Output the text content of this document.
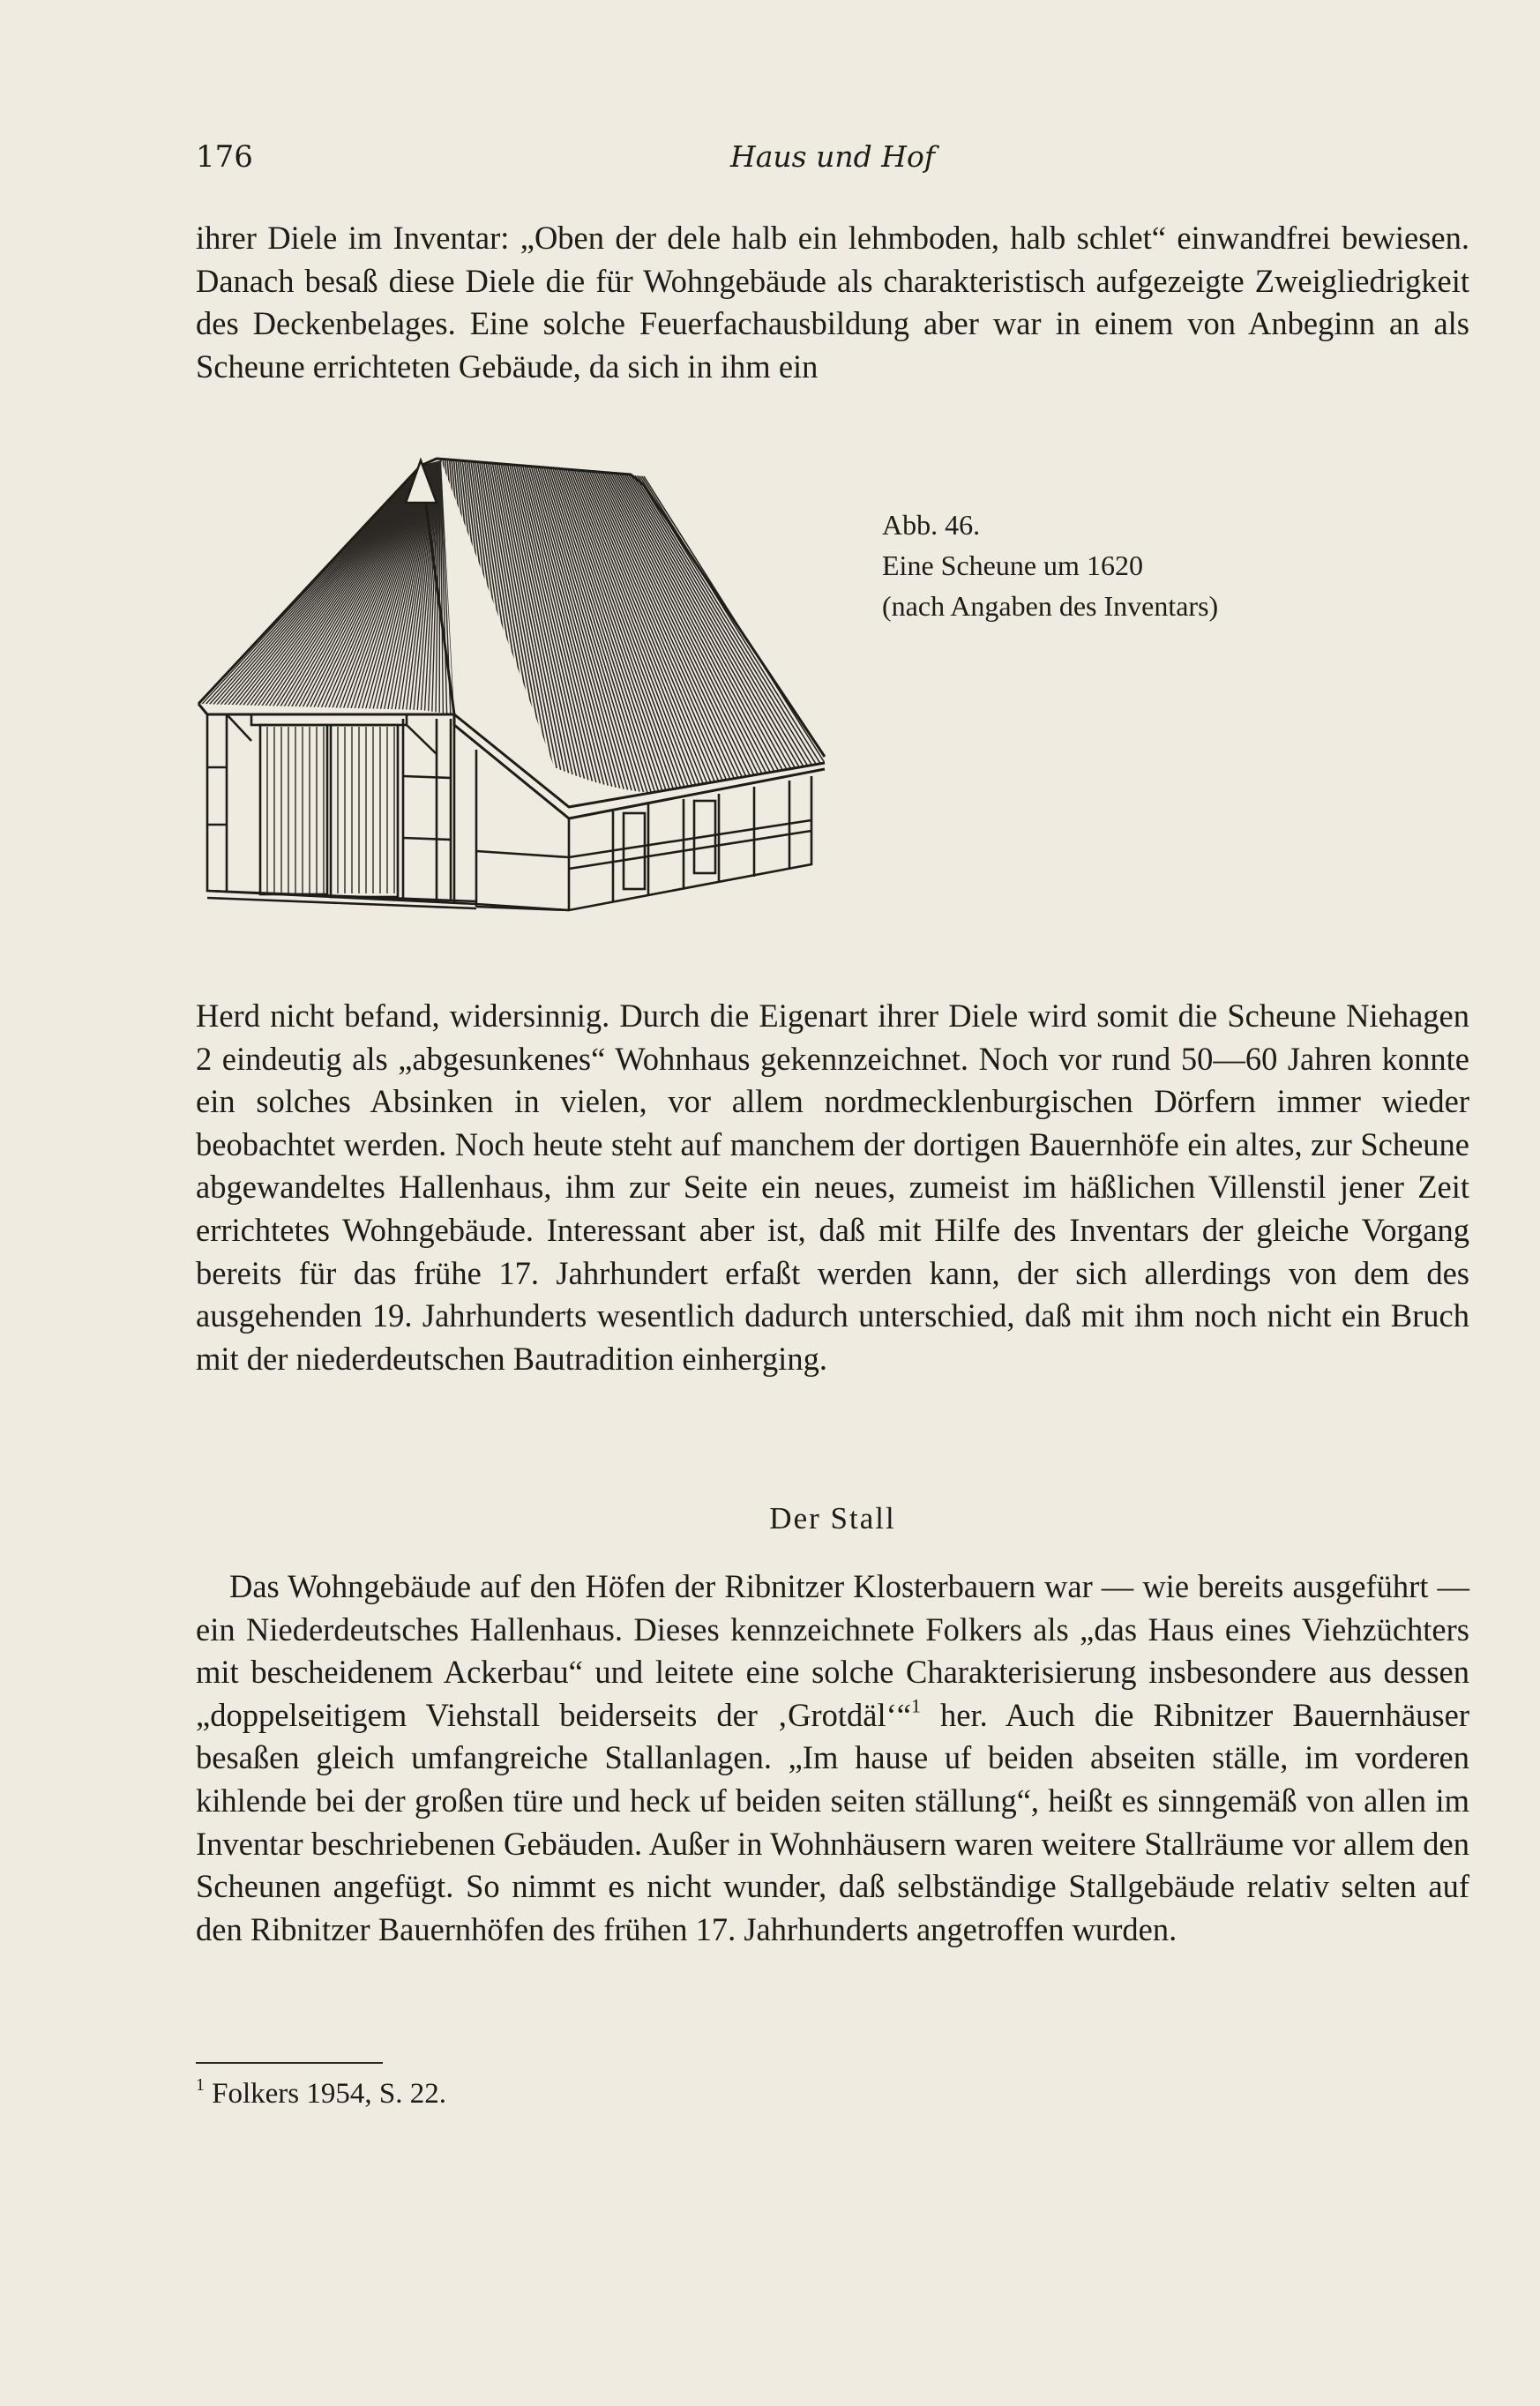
176	Haus und Hof

ihrer Diele im Inventar: „Oben der dele halb ein lehmboden, halb schlet“ einwandfrei bewiesen. Danach besaß diese Diele die für Wohngebäude als charakteristisch aufgezeigte Zweigliedrigkeit des Deckenbelages. Eine solche Feuerfachausbildung aber war in einem von Anbeginn an als Scheune errichteten Gebäude, da sich in ihm ein

Abb. 46.
Eine Scheune um 1620
(nach Angaben des Inventars)

Herd nicht befand, widersinnig. Durch die Eigenart ihrer Diele wird somit die Scheune Niehagen 2 eindeutig als „abgesunkenes“ Wohnhaus gekennzeichnet. Noch vor rund 50—60 Jahren konnte ein solches Absinken in vielen, vor allem nordmecklenburgischen Dörfern immer wieder beobachtet werden. Noch heute steht auf manchem der dortigen Bauernhöfe ein altes, zur Scheune abgewandeltes Hallenhaus, ihm zur Seite ein neues, zumeist im häßlichen Villenstil jener Zeit errichtetes Wohngebäude. Interessant aber ist, daß mit Hilfe des Inventars der gleiche Vorgang bereits für das frühe 17. Jahrhundert erfaßt werden kann, der sich allerdings von dem des ausgehenden 19. Jahrhunderts wesentlich dadurch unterschied, daß mit ihm noch nicht ein Bruch mit der niederdeutschen Bautradition einherging.

Der Stall

Das Wohngebäude auf den Höfen der Ribnitzer Klosterbauern war — wie bereits ausgeführt — ein Niederdeutsches Hallenhaus. Dieses kennzeichnete Folkers als „das Haus eines Viehzüchters mit bescheidenem Ackerbau“ und leitete eine solche Charakterisierung insbesondere aus dessen „doppelseitigem Viehstall beiderseits der ‚Grotdäl‘“$^1$ her. Auch die Ribnitzer Bauernhäuser besaßen gleich umfangreiche Stallanlagen. „Im hause uf beiden abseiten ställe, im vorderen kihlende bei der großen türe und heck uf beiden seiten ställung“, heißt es sinngemäß von allen im Inventar beschriebenen Gebäuden. Außer in Wohnhäusern waren weitere Stallräume vor allem den Scheunen angefügt. So nimmt es nicht wunder, daß selbständige Stallgebäude relativ selten auf den Ribnitzer Bauernhöfen des frühen 17. Jahrhunderts angetroffen wurden.

$^1$ Folkers 1954, S. 22.
